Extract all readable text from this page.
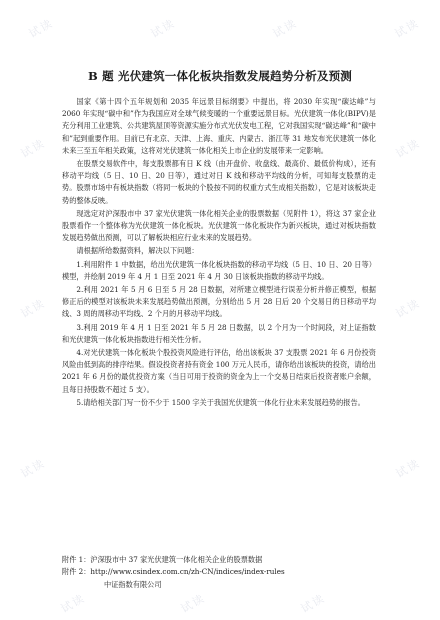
试读	试读	试读	试读
试读	试读
试读	试读
试读	试读
试读	试读	试读
B 题 光伏建筑一体化板块指数发展趋势分析及预测

国家《第十四个五年规划和 2035 年远景目标纲要》中提出，将 2030 年实现“碳达峰”与 2060 年实现“碳中和”作为我国应对全球气候变暖的一个重要远景目标。光伏建筑一体化(BIPV)是充分利用工业建筑、公共建筑屋顶等资源实施分布式光伏发电工程，它对我国实现“碳达峰”和“碳中和”起到重要作用。目前已有北京、天津、上海、重庆、内蒙古、浙江等 31 地发布光伏建筑一体化未来三至五年相关政策，这将对光伏建筑一体化相关上市企业的发展带来一定影响。

在股票交易软件中，每支股票都有日 K 线（由开盘价、收盘线、最高价、最低价构成），还有移动平均线（5 日、10 日、20 日等），通过对日 K 线和移动平均线的分析，可知每支股票的走势。股票市场中有板块指数（将同一板块的个股按不同的权重方式生成相关指数），它是对该板块走势的整体反映。

现选定对沪深股市中 37 家光伏建筑一体化相关企业的股票数据（见附件 1），将这 37 家企业股票看作一个整体称为光伏建筑一体化板块。光伏建筑一体化板块作为新兴板块，通过对板块指数发展趋势做出预测，可以了解板块相应行业未来的发展趋势。

请根据所给数据资料，解决以下问题：

1.利用附件 1 中数据，给出光伏建筑一体化板块指数的移动平均线（5 日、10 日、20 日等）模型，并绘制 2019 年 4 月 1 日至 2021 年 4 月 30 日该板块指数的移动平均线。

2.利用 2021 年 5 月 6 日至 5 月 28 日数据，对所建立模型进行误差分析并修正模型，根据修正后的模型对该板块未来发展趋势做出预测，分别给出 5 月 28 日后 20 个交易日的日移动平均线、3 周的周移动平均线、2 个月的月移动平均线。

3.利用 2019 年 4 月 1 日至 2021 年 5 月 28 日数据，以 2 个月为一个时间段，对上证指数和光伏建筑一体化板块指数进行相关性分析。

4.对光伏建筑一体化板块个股投资风险进行评估，给出该板块 37 支股票 2021 年 6 月份投资风险由低到高的排序结果。假设投资者持有资金 100 万元人民币，请你给出该板块的投资，请给出 2021 年 6 月份的最优投资方案（当日可用于投资的资金为上一个交易日结束后投资者账户余额，且每日持股数不超过 5 支）。

5.请给相关部门写一份不少于 1500 字关于我国光伏建筑一体化行业未来发展趋势的报告。

附件 1：沪深股市中 37 家光伏建筑一体化相关企业的股票数据
附件 2：http://www.csindex.com.cn/zh-CN/indices/index-rules
中证指数有限公司
